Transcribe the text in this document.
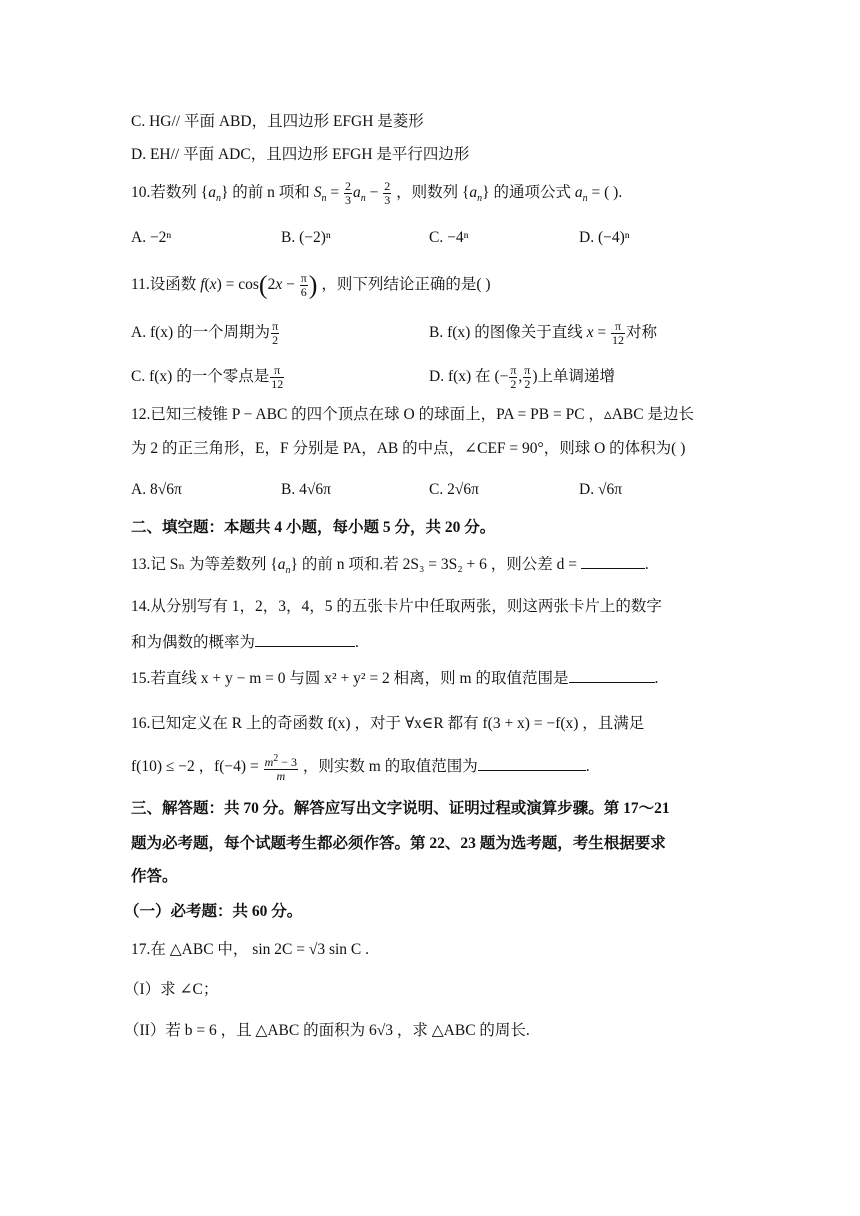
C. HG// 平面 ABD，且四边形 EFGH 是菱形
D. EH// 平面 ADC，且四边形 EFGH 是平行四边形
10.若数列 $\{a_n\}$ 的前 n 项和 $S_n = \frac{2}{3} a_n - \frac{2}{3}$ ，则数列 $\{a_n\}$ 的通项公式 $a_n$ = ( ).
A. −2ⁿ	B. (−2)ⁿ	C. −4ⁿ	D. (−4)ⁿ
11.设函数 $f(x) = \cos(2x - \frac{\pi}{6}$ ) ，则下列结论正确的是( )
A. f(x) 的一个周期为 $\frac{\pi}{2}$	B. f(x) 的图像关于直线 $x = \frac{\pi}{12}$ 对称
C. f(x) 的一个零点是 $\frac{\pi}{12}$	D. f(x) 在 (− $\frac{\pi}{2}$ , $\frac{\pi}{2}$ )上单调递增
12.已知三棱锥 P − ABC 的四个顶点在球 O 的球面上，PA = PB = PC ，▵ABC 是边长
为 2 的正三角形，E，F 分别是 PA，AB 的中点，∠CEF = 90°，则球 O 的体积为( )
A. 8√6π	B. 4√6π	C. 2√6π	D. √6π
二、填空题：本题共 4 小题，每小题 5 分，共 20 分。
13.记 Sₙ 为等差数列 $\{a_n\}$ 的前 n 项和.若 2S₃ = 3S₂ + 6 ，则公差 d =	.
14.从分别写有 1，2，3，4，5 的五张卡片中任取两张，则这两张卡片上的数字
和为偶数的概率为	.
15.若直线 x + y − m = 0 与圆 x² + y² = 2 相离，则 m 的取值范围是	.
16.已知定义在 R 上的奇函数 f(x) ，对于 ∀x∈R 都有 f(3 + x) = −f(x) ，且满足
f(10) ≤ −2 ，$f(-4) = \frac{m^2 - 3}{m}$ ，则实数 m 的取值范围为	.
三、解答题：共 70 分。解答应写出文字说明、证明过程或演算步骤。第 17～21
题为必考题，每个试题考生都必须作答。第 22、23 题为选考题，考生根据要求
作答。
（一）必考题：共 60 分。
17.在 △ABC 中， sin 2C = √3 sin C .
（I）求 ∠C；
（II）若 b = 6 ，且 △ABC 的面积为 6√3 ，求 △ABC 的周长.
